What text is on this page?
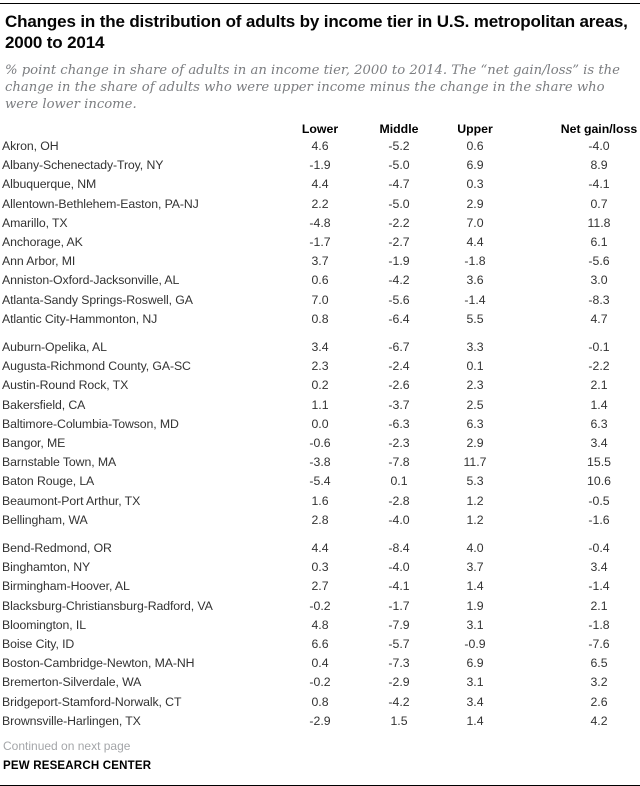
Changes in the distribution of adults by income tier in U.S. metropolitan areas, 2000 to 2014

% point change in share of adults in an income tier, 2000 to 2014. The “net gain/loss” is the change in the share of adults who were upper income minus the change in the share who were lower income.

	Lower	Middle	Upper	Net gain/loss
Akron, OH	4.6	-5.2	0.6	-4.0
Albany-Schenectady-Troy, NY	-1.9	-5.0	6.9	8.9
Albuquerque, NM	4.4	-4.7	0.3	-4.1
Allentown-Bethlehem-Easton, PA-NJ	2.2	-5.0	2.9	0.7
Amarillo, TX	-4.8	-2.2	7.0	11.8
Anchorage, AK	-1.7	-2.7	4.4	6.1
Ann Arbor, MI	3.7	-1.9	-1.8	-5.6
Anniston-Oxford-Jacksonville, AL	0.6	-4.2	3.6	3.0
Atlanta-Sandy Springs-Roswell, GA	7.0	-5.6	-1.4	-8.3
Atlantic City-Hammonton, NJ	0.8	-6.4	5.5	4.7
Auburn-Opelika, AL	3.4	-6.7	3.3	-0.1
Augusta-Richmond County, GA-SC	2.3	-2.4	0.1	-2.2
Austin-Round Rock, TX	0.2	-2.6	2.3	2.1
Bakersfield, CA	1.1	-3.7	2.5	1.4
Baltimore-Columbia-Towson, MD	0.0	-6.3	6.3	6.3
Bangor, ME	-0.6	-2.3	2.9	3.4
Barnstable Town, MA	-3.8	-7.8	11.7	15.5
Baton Rouge, LA	-5.4	0.1	5.3	10.6
Beaumont-Port Arthur, TX	1.6	-2.8	1.2	-0.5
Bellingham, WA	2.8	-4.0	1.2	-1.6
Bend-Redmond, OR	4.4	-8.4	4.0	-0.4
Binghamton, NY	0.3	-4.0	3.7	3.4
Birmingham-Hoover, AL	2.7	-4.1	1.4	-1.4
Blacksburg-Christiansburg-Radford, VA	-0.2	-1.7	1.9	2.1
Bloomington, IL	4.8	-7.9	3.1	-1.8
Boise City, ID	6.6	-5.7	-0.9	-7.6
Boston-Cambridge-Newton, MA-NH	0.4	-7.3	6.9	6.5
Bremerton-Silverdale, WA	-0.2	-2.9	3.1	3.2
Bridgeport-Stamford-Norwalk, CT	0.8	-4.2	3.4	2.6
Brownsville-Harlingen, TX	-2.9	1.5	1.4	4.2

Continued on next page

PEW RESEARCH CENTER
